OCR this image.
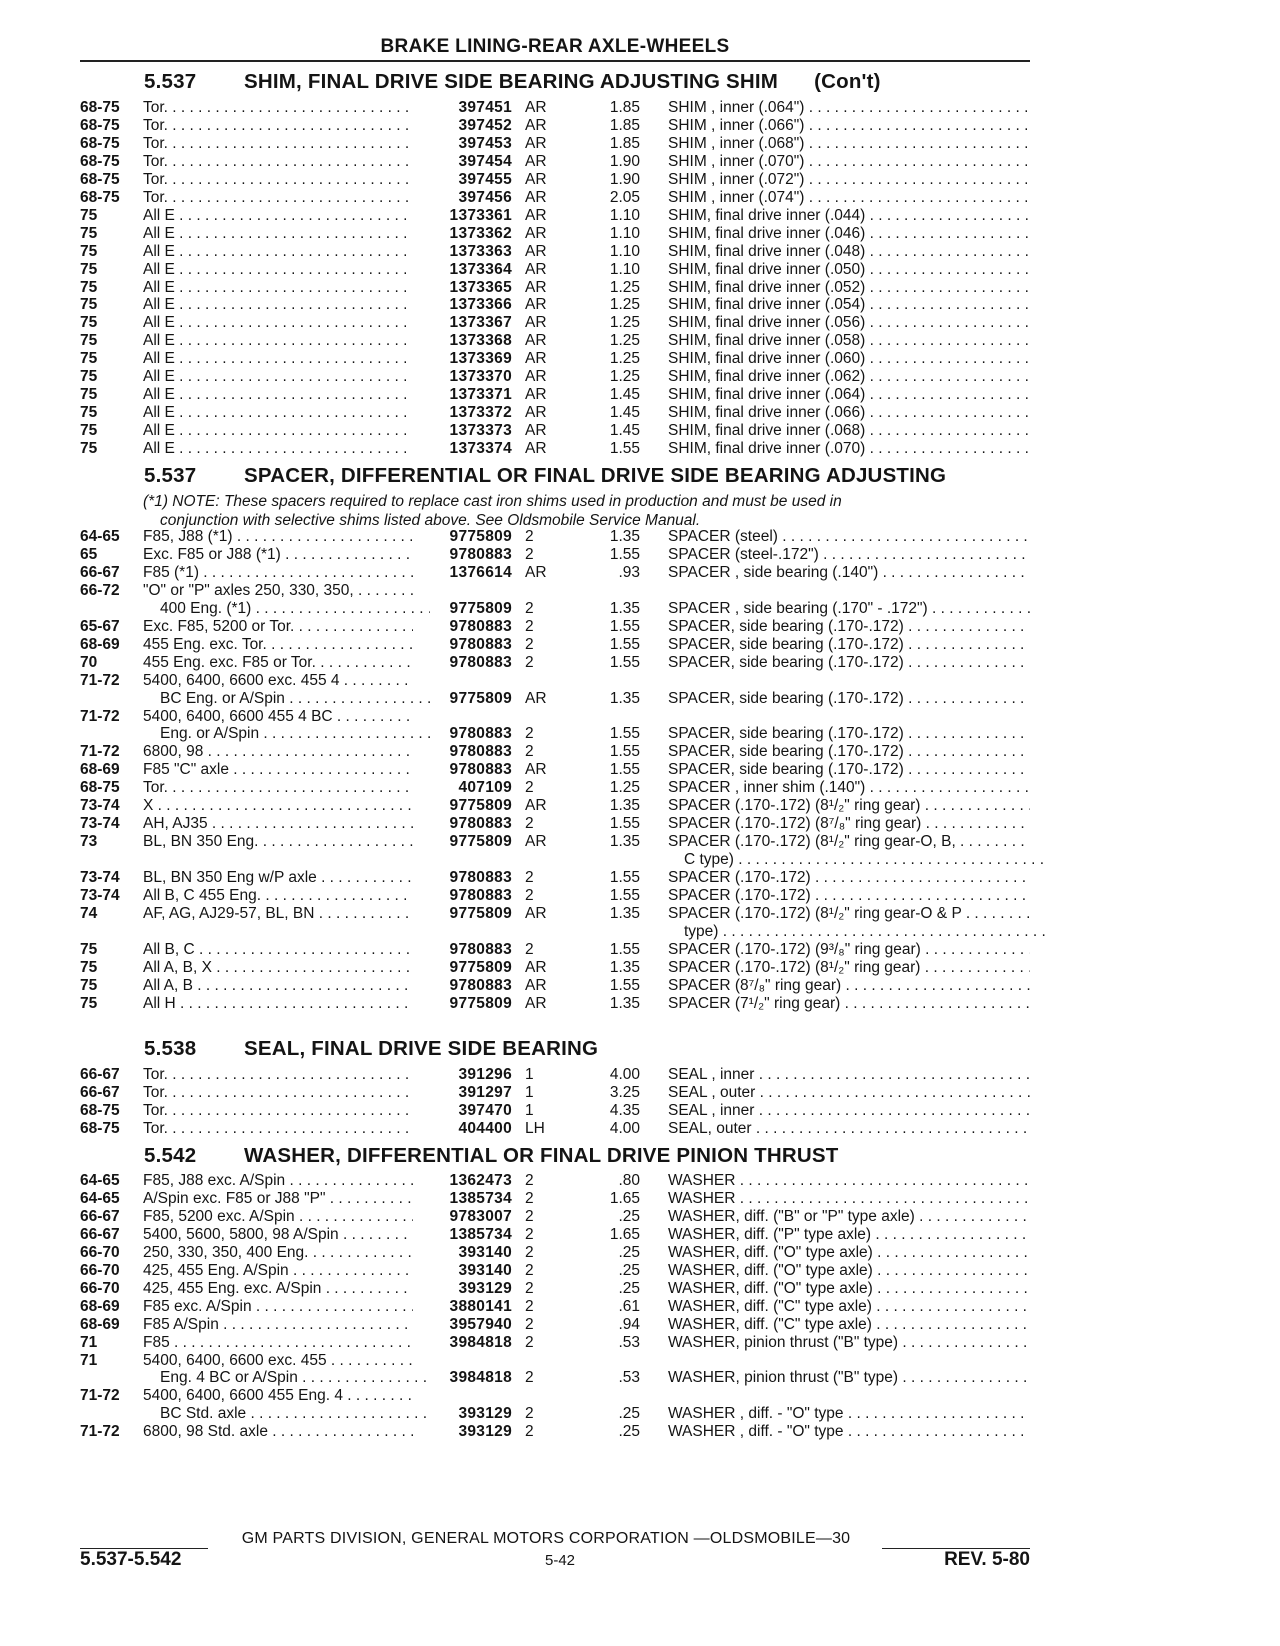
BRAKE LINING-REAR AXLE-WHEELS
5.537 SHIM, FINAL DRIVE SIDE BEARING ADJUSTING SHIM (Con't)
68-75	Tor. . . .	397451 AR	1.85 SHIM , inner (.064") . . .
68-75	Tor. . . .	397452 AR	1.85 SHIM , inner (.066") . . .
68-75	Tor. . . .	397453 AR	1.85 SHIM , inner (.068") . . .
68-75	Tor. . . .	397454 AR	1.90 SHIM , inner (.070") . . .
68-75	Tor. . . .	397455 AR	1.90 SHIM , inner (.072") . . .
68-75	Tor. . . .	397456 AR	2.05 SHIM , inner (.074") . . .
75	All E . . .	1373361 AR	1.10 SHIM, final drive inner (.044) . . .
75	All E . . .	1373362 AR	1.10 SHIM, final drive inner (.046) . . .
75	All E . . .	1373363 AR	1.10 SHIM, final drive inner (.048) . . .
75	All E . . .	1373364 AR	1.10 SHIM, final drive inner (.050) . . .
75	All E . . .	1373365 AR	1.25 SHIM, final drive inner (.052) . . .
75	All E . . .	1373366 AR	1.25 SHIM, final drive inner (.054) . . .
75	All E . . .	1373367 AR	1.25 SHIM, final drive inner (.056) . . .
75	All E . . .	1373368 AR	1.25 SHIM, final drive inner (.058) . . .
75	All E . . .	1373369 AR	1.25 SHIM, final drive inner (.060) . . .
75	All E . . .	1373370 AR	1.25 SHIM, final drive inner (.062) . . .
75	All E . . .	1373371 AR	1.45 SHIM, final drive inner (.064) . . .
75	All E . . .	1373372 AR	1.45 SHIM, final drive inner (.066) . . .
75	All E . . .	1373373 AR	1.45 SHIM, final drive inner (.068) . . .
75	All E . . .	1373374 AR	1.55 SHIM, final drive inner (.070) . . .
5.537 SPACER, DIFFERENTIAL OR FINAL DRIVE SIDE BEARING ADJUSTING
(*1) NOTE: These spacers required to replace cast iron shims used in production and must be used in
conjunction with selective shims listed above. See Oldsmobile Service Manual.
64-65	F85, J88 (*1) . . .	9775809 2	1.35 SPACER (steel) . . .
65	Exc. F85 or J88 (*1) . . .	9780883 2	1.55 SPACER (steel-.172") . . .
66-67	F85 (*1) . . .	1376614 AR	.93 SPACER , side bearing (.140") . . .
66-72	"O" or "P" axles 250, 330, 350, . . .
400 Eng. (*1) . . .	9775809 2	1.35 SPACER , side bearing (.170" - .172") . . .
65-67	Exc. F85, 5200 or Tor. . . .	9780883 2	1.55 SPACER, side bearing (.170-.172) . . .
68-69	455 Eng. exc. Tor. . . .	9780883 2	1.55 SPACER, side bearing (.170-.172) . . .
70	455 Eng. exc. F85 or Tor. . . .	9780883 2	1.55 SPACER, side bearing (.170-.172) . . .
71-72	5400, 6400, 6600 exc. 455 4 . . .
BC Eng. or A/Spin . . .	9775809 AR	1.35 SPACER, side bearing (.170-.172) . . .
71-72	5400, 6400, 6600 455 4 BC . . .
Eng. or A/Spin . . .	9780883 2	1.55 SPACER, side bearing (.170-.172) . . .
71-72	6800, 98 . . .	9780883 2	1.55 SPACER, side bearing (.170-.172) . . .
68-69	F85 "C" axle . . .	9780883 AR	1.55 SPACER, side bearing (.170-.172) . . .
68-75	Tor. . . .	407109 2	1.25 SPACER , inner shim (.140") . . .
73-74	X . . .	9775809 AR	1.35 SPACER (.170-.172) (8¹/₂" ring gear) . . .
73-74	AH, AJ35 . . .	9780883 2	1.55 SPACER (.170-.172) (8⁷/₈" ring gear) . . .
73	BL, BN 350 Eng. . . .	9775809 AR	1.35 SPACER (.170-.172) (8¹/₂" ring gear-O, B, . . .
C type) . . .
73-74	BL, BN 350 Eng w/P axle . . .	9780883 2	1.55 SPACER (.170-.172) . . .
73-74	All B, C 455 Eng. . . .	9780883 2	1.55 SPACER (.170-.172) . . .
74	AF, AG, AJ29-57, BL, BN . . .	9775809 AR	1.35 SPACER (.170-.172) (8¹/₂" ring gear-O & P . . .
type) . . .
75	All B, C . . .	9780883 2	1.55 SPACER (.170-.172) (9³/₈" ring gear) . . .
75	All A, B, X . . .	9775809 AR	1.35 SPACER (.170-.172) (8¹/₂" ring gear) . . .
75	All A, B . . .	9780883 AR	1.55 SPACER (8⁷/₈" ring gear) . . .
75	All H . . .	9775809 AR	1.35 SPACER (7¹/₂" ring gear) . . .
5.538 SEAL, FINAL DRIVE SIDE BEARING
66-67	Tor. . . .	391296 1	4.00 SEAL , inner . . .
66-67	Tor. . . .	391297 1	3.25 SEAL , outer . . .
68-75	Tor. . . .	397470 1	4.35 SEAL , inner . . .
68-75	Tor. . . .	404400 LH	4.00 SEAL, outer . . .
5.542 WASHER, DIFFERENTIAL OR FINAL DRIVE PINION THRUST
64-65	F85, J88 exc. A/Spin . . .	1362473 2	.80 WASHER . . .
64-65	A/Spin exc. F85 or J88 "P" . . .	1385734 2	1.65 WASHER . . .
66-67	F85, 5200 exc. A/Spin . . .	9783007 2	.25 WASHER, diff. ("B" or "P" type axle) . . .
66-67	5400, 5600, 5800, 98 A/Spin . . .	1385734 2	1.65 WASHER, diff. ("P" type axle) . . .
66-70	250, 330, 350, 400 Eng. . . .	393140 2	.25 WASHER, diff. ("O" type axle) . . .
66-70	425, 455 Eng. A/Spin . . .	393140 2	.25 WASHER, diff. ("O" type axle) . . .
66-70	425, 455 Eng. exc. A/Spin . . .	393129 2	.25 WASHER, diff. ("O" type axle) . . .
68-69	F85 exc. A/Spin . . .	3880141 2	.61 WASHER, diff. ("C" type axle) . . .
68-69	F85 A/Spin . . .	3957940 2	.94 WASHER, diff. ("C" type axle) . . .
71	F85 . . .	3984818 2	.53 WASHER, pinion thrust ("B" type) . . .
71	5400, 6400, 6600 exc. 455 . . .
Eng. 4 BC or A/Spin . . .	3984818 2	.53 WASHER, pinion thrust ("B" type) . . .
71-72	5400, 6400, 6600 455 Eng. 4 . . .
BC Std. axle . . .	393129 2	.25 WASHER , diff. - "O" type . . .
71-72	6800, 98 Std. axle . . .	393129 2	.25 WASHER , diff. - "O" type . . .
GM PARTS DIVISION, GENERAL MOTORS CORPORATION —OLDSMOBILE—30
5.537-5.542	5-42	REV. 5-80
